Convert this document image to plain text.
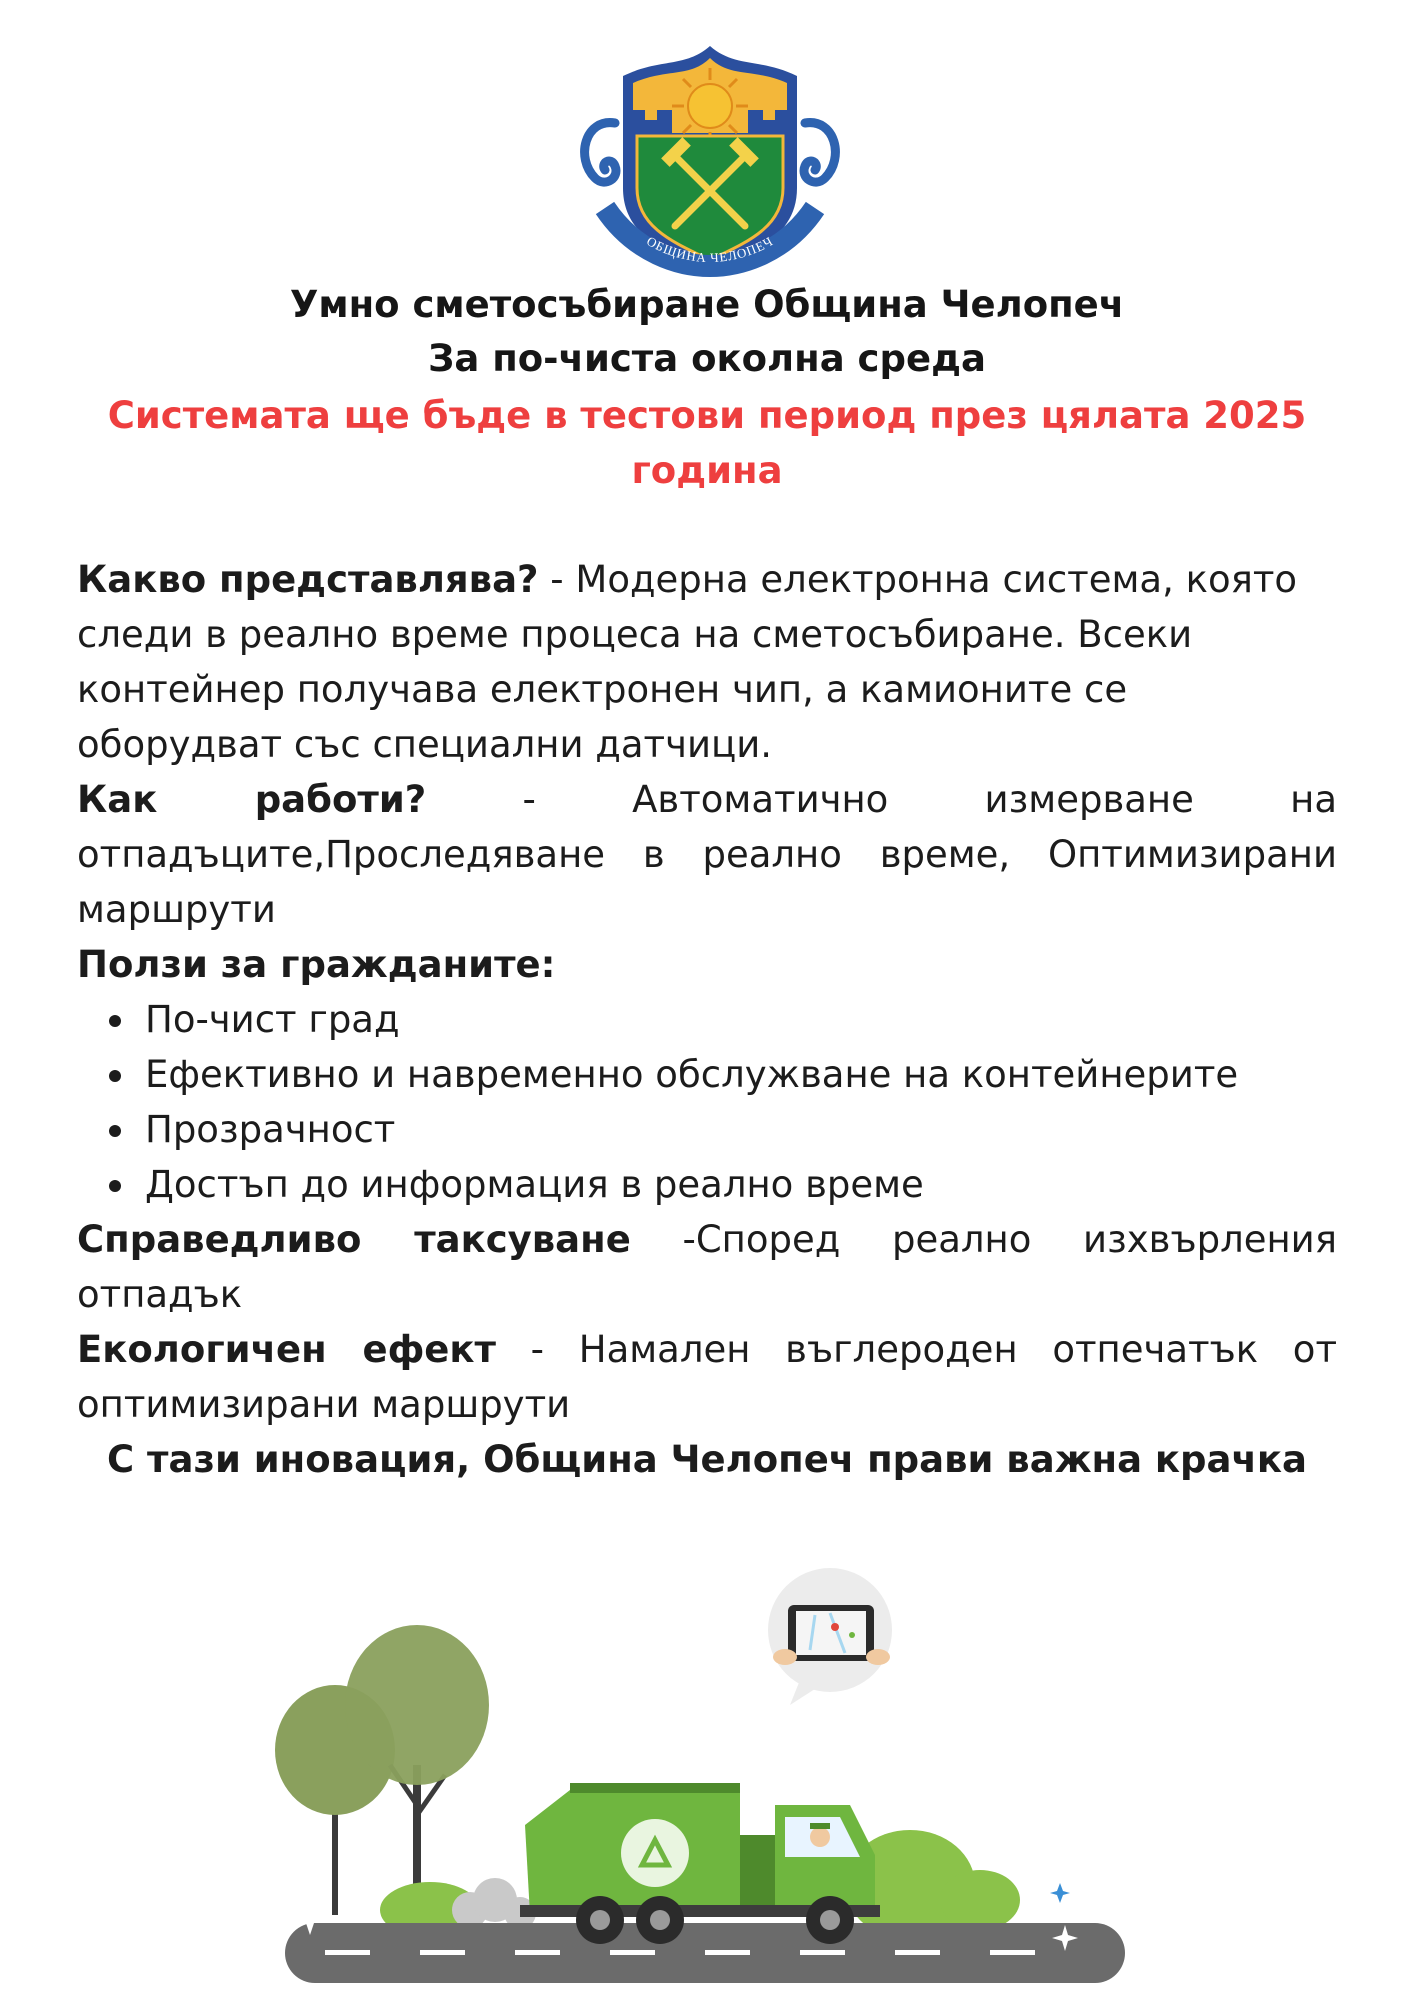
ОБЩИНА ЧЕЛОПЕЧ
Умно сметосъбиране Община Челопеч
За по-чиста околна среда
Системата ще бъде в тестови период през цялата 2025 година

Какво представлява? - Модерна електронна система, която следи в реално време процеса на сметосъбиране. Всеки контейнер получава електронен чип, а камионите се оборудват със специални датчици.

Как работи? - Автоматично измерване на отпадъците,Проследяване в реално време, Оптимизирани маршрути

Ползи за гражданите:

По-чист град
Ефективно и навременно обслужване на контейнерите
Прозрачност
Достъп до информация в реално време

Справедливо таксуване -Според реално изхвърления отпадък

Екологичен ефект - Намален въглероден отпечатък от оптимизирани маршрути

С тази иновация, Община Челопеч прави важна крачка
